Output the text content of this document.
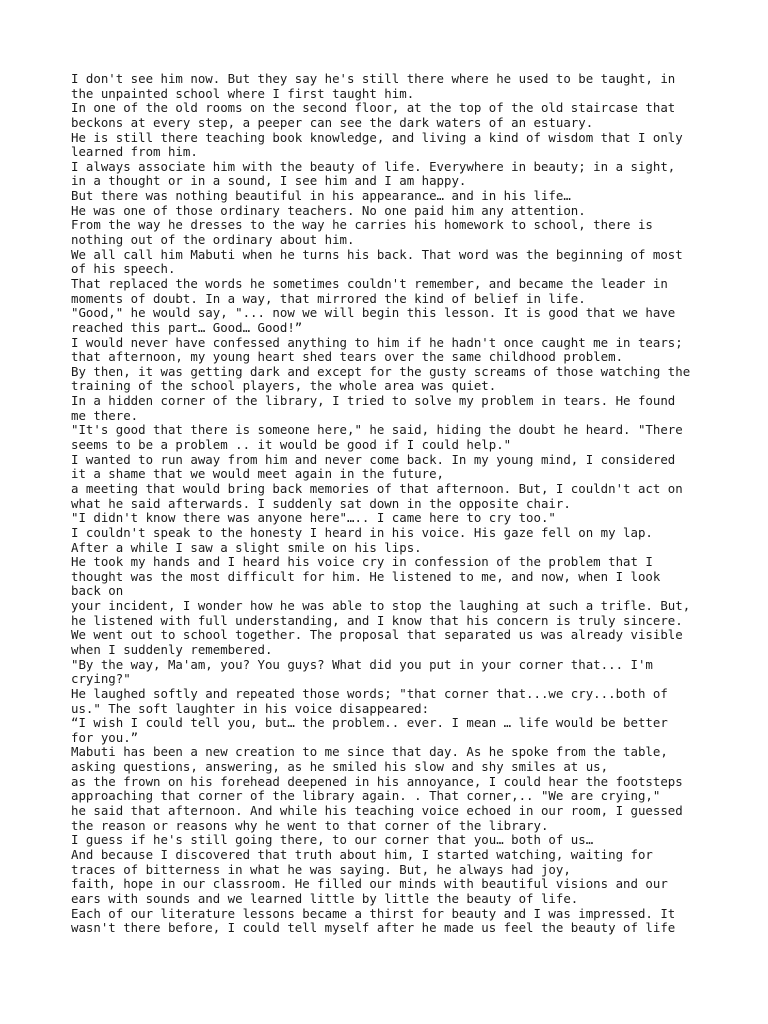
I don't see him now. But they say he's still there where he used to be taught, in
the unpainted school where I first taught him.
In one of the old rooms on the second floor, at the top of the old staircase that
beckons at every step, a peeper can see the dark waters of an estuary.
He is still there teaching book knowledge, and living a kind of wisdom that I only
learned from him.
I always associate him with the beauty of life. Everywhere in beauty; in a sight,
in a thought or in a sound, I see him and I am happy.
But there was nothing beautiful in his appearance… and in his life…
He was one of those ordinary teachers. No one paid him any attention.
From the way he dresses to the way he carries his homework to school, there is
nothing out of the ordinary about him.
We all call him Mabuti when he turns his back. That word was the beginning of most
of his speech.
That replaced the words he sometimes couldn't remember, and became the leader in
moments of doubt. In a way, that mirrored the kind of belief in life.
"Good," he would say, "... now we will begin this lesson. It is good that we have
reached this part… Good… Good!”
I would never have confessed anything to him if he hadn't once caught me in tears;
that afternoon, my young heart shed tears over the same childhood problem.
By then, it was getting dark and except for the gusty screams of those watching the
training of the school players, the whole area was quiet.
In a hidden corner of the library, I tried to solve my problem in tears. He found
me there.
"It's good that there is someone here," he said, hiding the doubt he heard. "There
seems to be a problem .. it would be good if I could help."
I wanted to run away from him and never come back. In my young mind, I considered
it a shame that we would meet again in the future,
a meeting that would bring back memories of that afternoon. But, I couldn't act on
what he said afterwards. I suddenly sat down in the opposite chair.
"I didn't know there was anyone here"….. I came here to cry too."
I couldn't speak to the honesty I heard in his voice. His gaze fell on my lap.
After a while I saw a slight smile on his lips.
He took my hands and I heard his voice cry in confession of the problem that I
thought was the most difficult for him. He listened to me, and now, when I look
back on
your incident, I wonder how he was able to stop the laughing at such a trifle. But,
he listened with full understanding, and I know that his concern is truly sincere.
We went out to school together. The proposal that separated us was already visible
when I suddenly remembered.
"By the way, Ma'am, you? You guys? What did you put in your corner that... I'm
crying?"
He laughed softly and repeated those words; "that corner that...we cry...both of
us." The soft laughter in his voice disappeared:
“I wish I could tell you, but… the problem.. ever. I mean … life would be better
for you.”
Mabuti has been a new creation to me since that day. As he spoke from the table,
asking questions, answering, as he smiled his slow and shy smiles at us,
as the frown on his forehead deepened in his annoyance, I could hear the footsteps
approaching that corner of the library again. . That corner,.. "We are crying,"
he said that afternoon. And while his teaching voice echoed in our room, I guessed
the reason or reasons why he went to that corner of the library.
I guess if he's still going there, to our corner that you… both of us…
And because I discovered that truth about him, I started watching, waiting for
traces of bitterness in what he was saying. But, he always had joy,
faith, hope in our classroom. He filled our minds with beautiful visions and our
ears with sounds and we learned little by little the beauty of life.
Each of our literature lessons became a thirst for beauty and I was impressed. It
wasn't there before, I could tell myself after he made us feel the beauty of life
